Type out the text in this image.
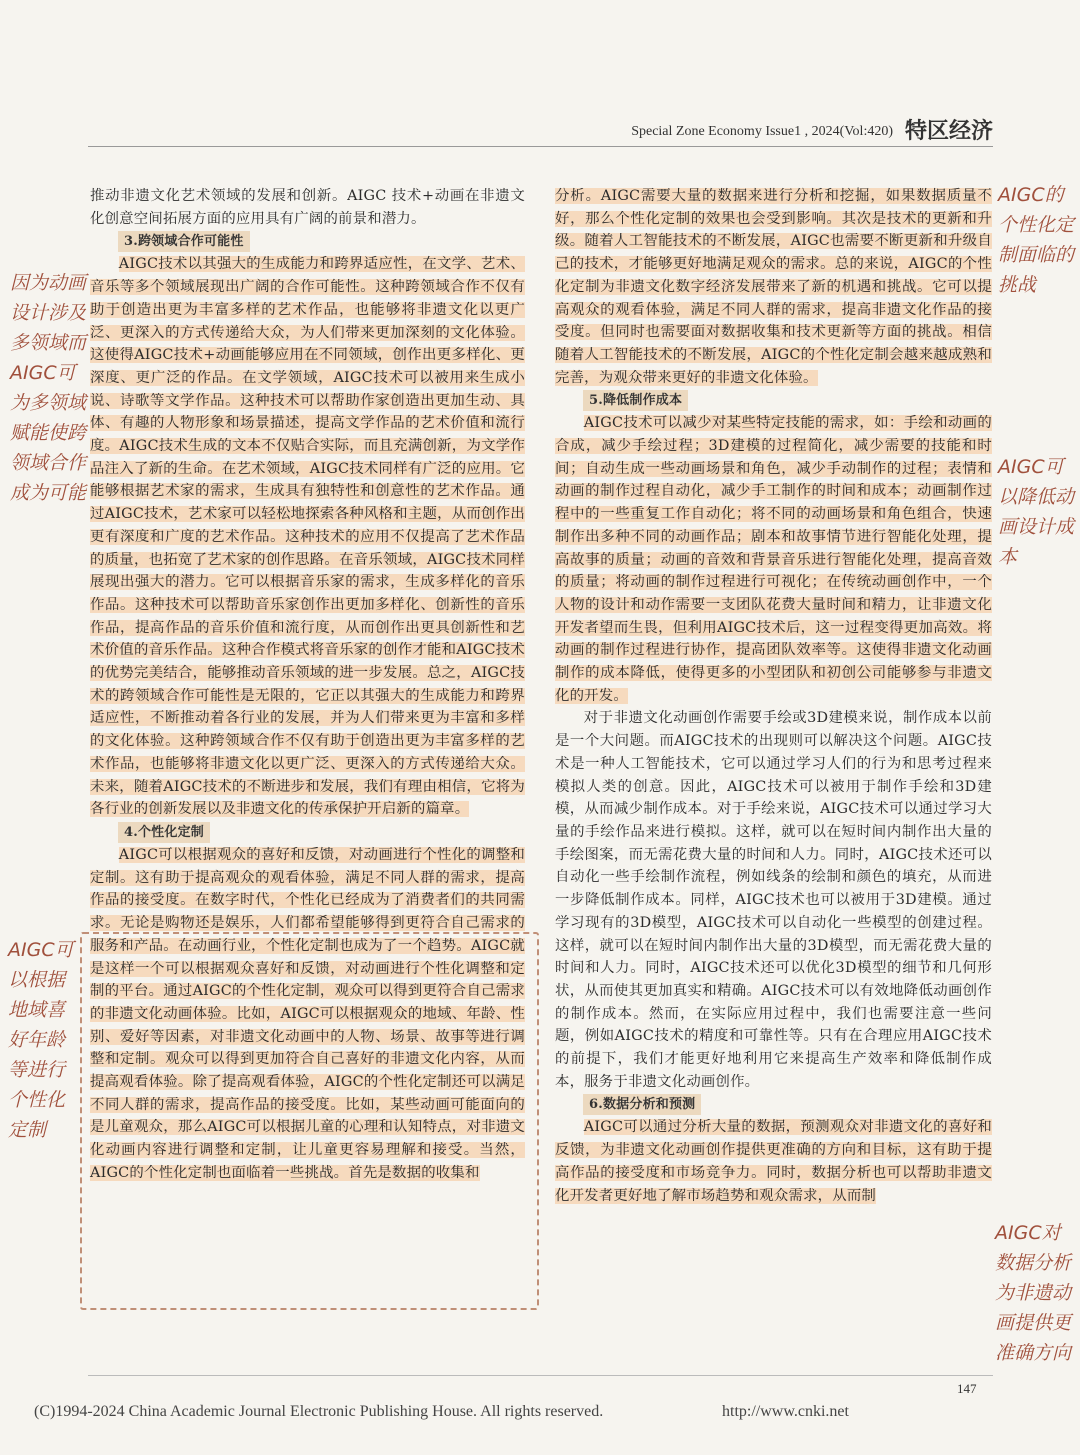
Special Zone Economy Issue1 , 2024(Vol:420) 特区经济

推动非遗文化艺术领域的发展和创新。AIGC 技术+动画在非遗文化创意空间拓展方面的应用具有广阔的前景和潜力。

3.跨领域合作可能性

AIGC技术以其强大的生成能力和跨界适应性，在文学、艺术、音乐等多个领域展现出广阔的合作可能性。这种跨领域合作不仅有助于创造出更为丰富多样的艺术作品，也能够将非遗文化以更广泛、更深入的方式传递给大众，为人们带来更加深刻的文化体验。这使得AIGC技术+动画能够应用在不同领域，创作出更多样化、更深度、更广泛的作品。在文学领域，AIGC技术可以被用来生成小说、诗歌等文学作品。这种技术可以帮助作家创造出更加生动、具体、有趣的人物形象和场景描述，提高文学作品的艺术价值和流行度。AIGC技术生成的文本不仅贴合实际，而且充满创新，为文学作品注入了新的生命。在艺术领域，AIGC技术同样有广泛的应用。它能够根据艺术家的需求，生成具有独特性和创意性的艺术作品。通过AIGC技术，艺术家可以轻松地探索各种风格和主题，从而创作出更有深度和广度的艺术作品。这种技术的应用不仅提高了艺术作品的质量，也拓宽了艺术家的创作思路。在音乐领域，AIGC技术同样展现出强大的潜力。它可以根据音乐家的需求，生成多样化的音乐作品。这种技术可以帮助音乐家创作出更加多样化、创新性的音乐作品，提高作品的音乐价值和流行度，从而创作出更具创新性和艺术价值的音乐作品。这种合作模式将音乐家的创作才能和AIGC技术的优势完美结合，能够推动音乐领域的进一步发展。总之，AIGC技术的跨领域合作可能性是无限的，它正以其强大的生成能力和跨界适应性，不断推动着各行业的发展，并为人们带来更为丰富和多样的文化体验。这种跨领域合作不仅有助于创造出更为丰富多样的艺术作品，也能够将非遗文化以更广泛、更深入的方式传递给大众。未来，随着AIGC技术的不断进步和发展，我们有理由相信，它将为各行业的创新发展以及非遗文化的传承保护开启新的篇章。

4.个性化定制

AIGC可以根据观众的喜好和反馈，对动画进行个性化的调整和定制。这有助于提高观众的观看体验，满足不同人群的需求，提高作品的接受度。在数字时代，个性化已经成为了消费者们的共同需求。无论是购物还是娱乐，人们都希望能够得到更符合自己需求的服务和产品。在动画行业，个性化定制也成为了一个趋势。AIGC就是这样一个可以根据观众喜好和反馈，对动画进行个性化调整和定制的平台。通过AIGC的个性化定制，观众可以得到更符合自己需求的非遗文化动画体验。比如，AIGC可以根据观众的地域、年龄、性别、爱好等因素，对非遗文化动画中的人物、场景、故事等进行调整和定制。观众可以得到更加符合自己喜好的非遗文化内容，从而提高观看体验。除了提高观看体验，AIGC的个性化定制还可以满足不同人群的需求，提高作品的接受度。比如，某些动画可能面向的是儿童观众，那么AIGC可以根据儿童的心理和认知特点，对非遗文化动画内容进行调整和定制，让儿童更容易理解和接受。当然，AIGC的个性化定制也面临着一些挑战。首先是数据的收集和

分析。AIGC需要大量的数据来进行分析和挖掘，如果数据质量不好，那么个性化定制的效果也会受到影响。其次是技术的更新和升级。随着人工智能技术的不断发展，AIGC也需要不断更新和升级自己的技术，才能够更好地满足观众的需求。总的来说，AIGC的个性化定制为非遗文化数字经济发展带来了新的机遇和挑战。它可以提高观众的观看体验，满足不同人群的需求，提高非遗文化作品的接受度。但同时也需要面对数据收集和技术更新等方面的挑战。相信随着人工智能技术的不断发展，AIGC的个性化定制会越来越成熟和完善，为观众带来更好的非遗文化体验。

5.降低制作成本

AIGC技术可以减少对某些特定技能的需求，如：手绘和动画的合成，减少手绘过程；3D建模的过程简化，减少需要的技能和时间；自动生成一些动画场景和角色，减少手动制作的过程；表情和动画的制作过程自动化，减少手工制作的时间和成本；动画制作过程中的一些重复工作自动化；将不同的动画场景和角色组合，快速制作出多种不同的动画作品；剧本和故事情节进行智能化处理，提高故事的质量；动画的音效和背景音乐进行智能化处理，提高音效的质量；将动画的制作过程进行可视化；在传统动画创作中，一个人物的设计和动作需要一支团队花费大量时间和精力，让非遗文化开发者望而生畏，但利用AIGC技术后，这一过程变得更加高效。将动画的制作过程进行协作，提高团队效率等。这使得非遗文化动画制作的成本降低，使得更多的小型团队和初创公司能够参与非遗文化的开发。

对于非遗文化动画创作需要手绘或3D建模来说，制作成本以前是一个大问题。而AIGC技术的出现则可以解决这个问题。AIGC技术是一种人工智能技术，它可以通过学习人们的行为和思考过程来模拟人类的创意。因此，AIGC技术可以被用于制作手绘和3D建模，从而减少制作成本。对于手绘来说，AIGC技术可以通过学习大量的手绘作品来进行模拟。这样，就可以在短时间内制作出大量的手绘图案，而无需花费大量的时间和人力。同时，AIGC技术还可以自动化一些手绘制作流程，例如线条的绘制和颜色的填充，从而进一步降低制作成本。同样，AIGC技术也可以被用于3D建模。通过学习现有的3D模型，AIGC技术可以自动化一些模型的创建过程。这样，就可以在短时间内制作出大量的3D模型，而无需花费大量的时间和人力。同时，AIGC技术还可以优化3D模型的细节和几何形状，从而使其更加真实和精确。AIGC技术可以有效地降低动画创作的制作成本。然而，在实际应用过程中，我们也需要注意一些问题，例如AIGC技术的精度和可靠性等。只有在合理应用AIGC技术的前提下，我们才能更好地利用它来提高生产效率和降低制作成本，服务于非遗文化动画创作。

6.数据分析和预测

AIGC可以通过分析大量的数据，预测观众对非遗文化的喜好和反馈，为非遗文化动画创作提供更准确的方向和目标，这有助于提高作品的接受度和市场竞争力。同时，数据分析也可以帮助非遗文化开发者更好地了解市场趋势和观众需求，从而制

因为动画设计涉及多领域而AIGC可为多领域赋能使跨领域合作成为可能
AIGC可以根据地域喜好年龄等进行个性化定制
AIGC的个性化定制面临的挑战
AIGC可以降低动画设计成本
AIGC对数据分析为非遗动画提供更准确方向
147
(C)1994-2024 China Academic Journal Electronic Publishing House. All rights reserved.	http://www.cnki.net
